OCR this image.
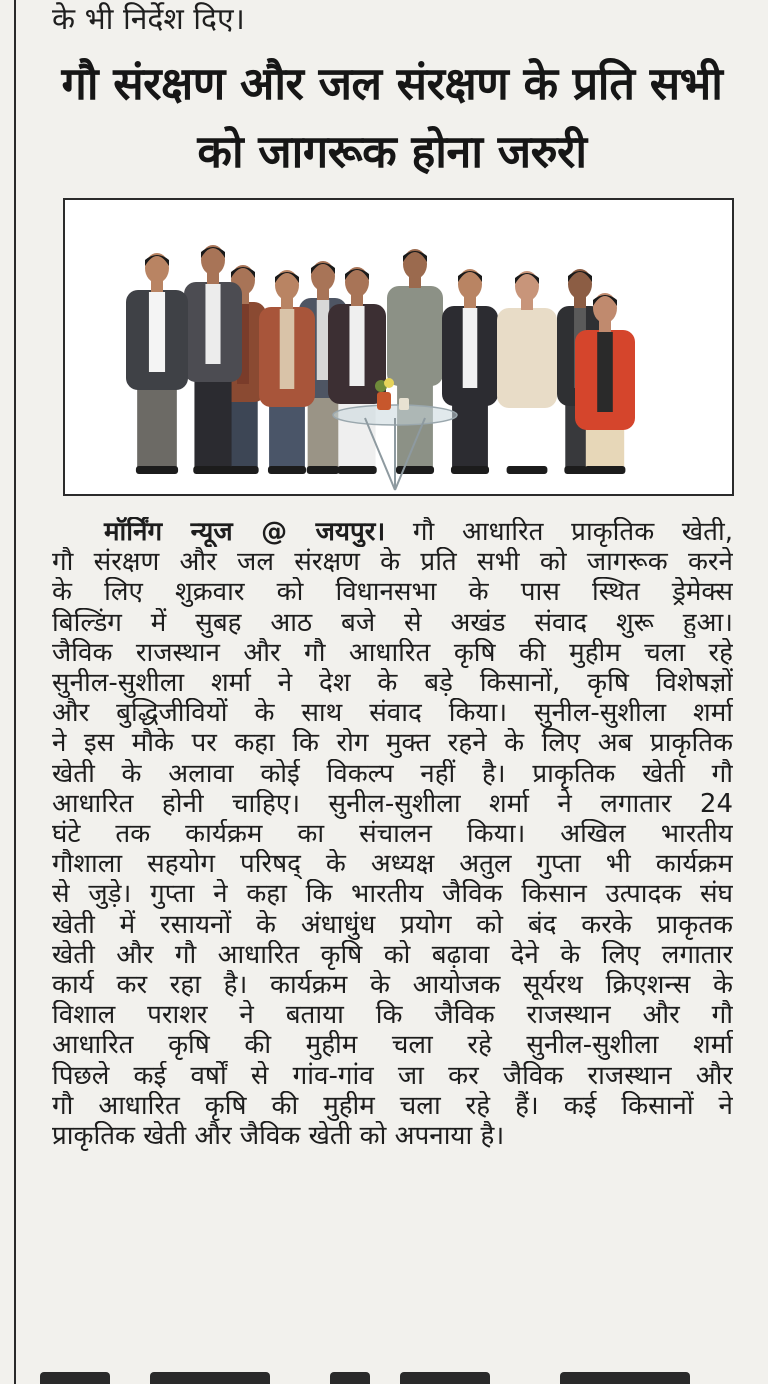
के भी निर्देश दिए।
गौ संरक्षण और जल संरक्षण के प्रति सभी
को जागरूक होना जरुरी
मॉर्निंग न्यूज @ जयपुर। गौ आधारित प्राकृतिक खेती,
गौ संरक्षण और जल संरक्षण के प्रति सभी को जागरूक करने
के लिए शुक्रवार को विधानसभा के पास स्थित ड्रेमेक्स
बिल्डिंग में सुबह आठ बजे से अखंड संवाद शुरू हुआ।
जैविक राजस्थान और गौ आधारित कृषि की मुहीम चला रहे
सुनील-सुशीला शर्मा ने देश के बड़े किसानों, कृषि विशेषज्ञों
और बुद्धिजीवियों के साथ संवाद किया। सुनील-सुशीला शर्मा
ने इस मौके पर कहा कि रोग मुक्त रहने के लिए अब प्राकृतिक
खेती के अलावा कोई विकल्प नहीं है। प्राकृतिक खेती गौ
आधारित होनी चाहिए। सुनील-सुशीला शर्मा ने लगातार 24
घंटे तक कार्यक्रम का संचालन किया। अखिल भारतीय
गौशाला सहयोग परिषद् के अध्यक्ष अतुल गुप्ता भी कार्यक्रम
से जुड़े। गुप्ता ने कहा कि भारतीय जैविक किसान उत्पादक संघ
खेती में रसायनों के अंधाधुंध प्रयोग को बंद करके प्राकृतक
खेती और गौ आधारित कृषि को बढ़ावा देने के लिए लगातार
कार्य कर रहा है। कार्यक्रम के आयोजक सूर्यरथ क्रिएशन्स के
विशाल पराशर ने बताया कि जैविक राजस्थान और गौ
आधारित कृषि की मुहीम चला रहे सुनील-सुशीला शर्मा
पिछले कई वर्षों से गांव-गांव जा कर जैविक राजस्थान और
गौ आधारित कृषि की मुहीम चला रहे हैं। कई किसानों ने
प्राकृतिक खेती और जैविक खेती को अपनाया है।
